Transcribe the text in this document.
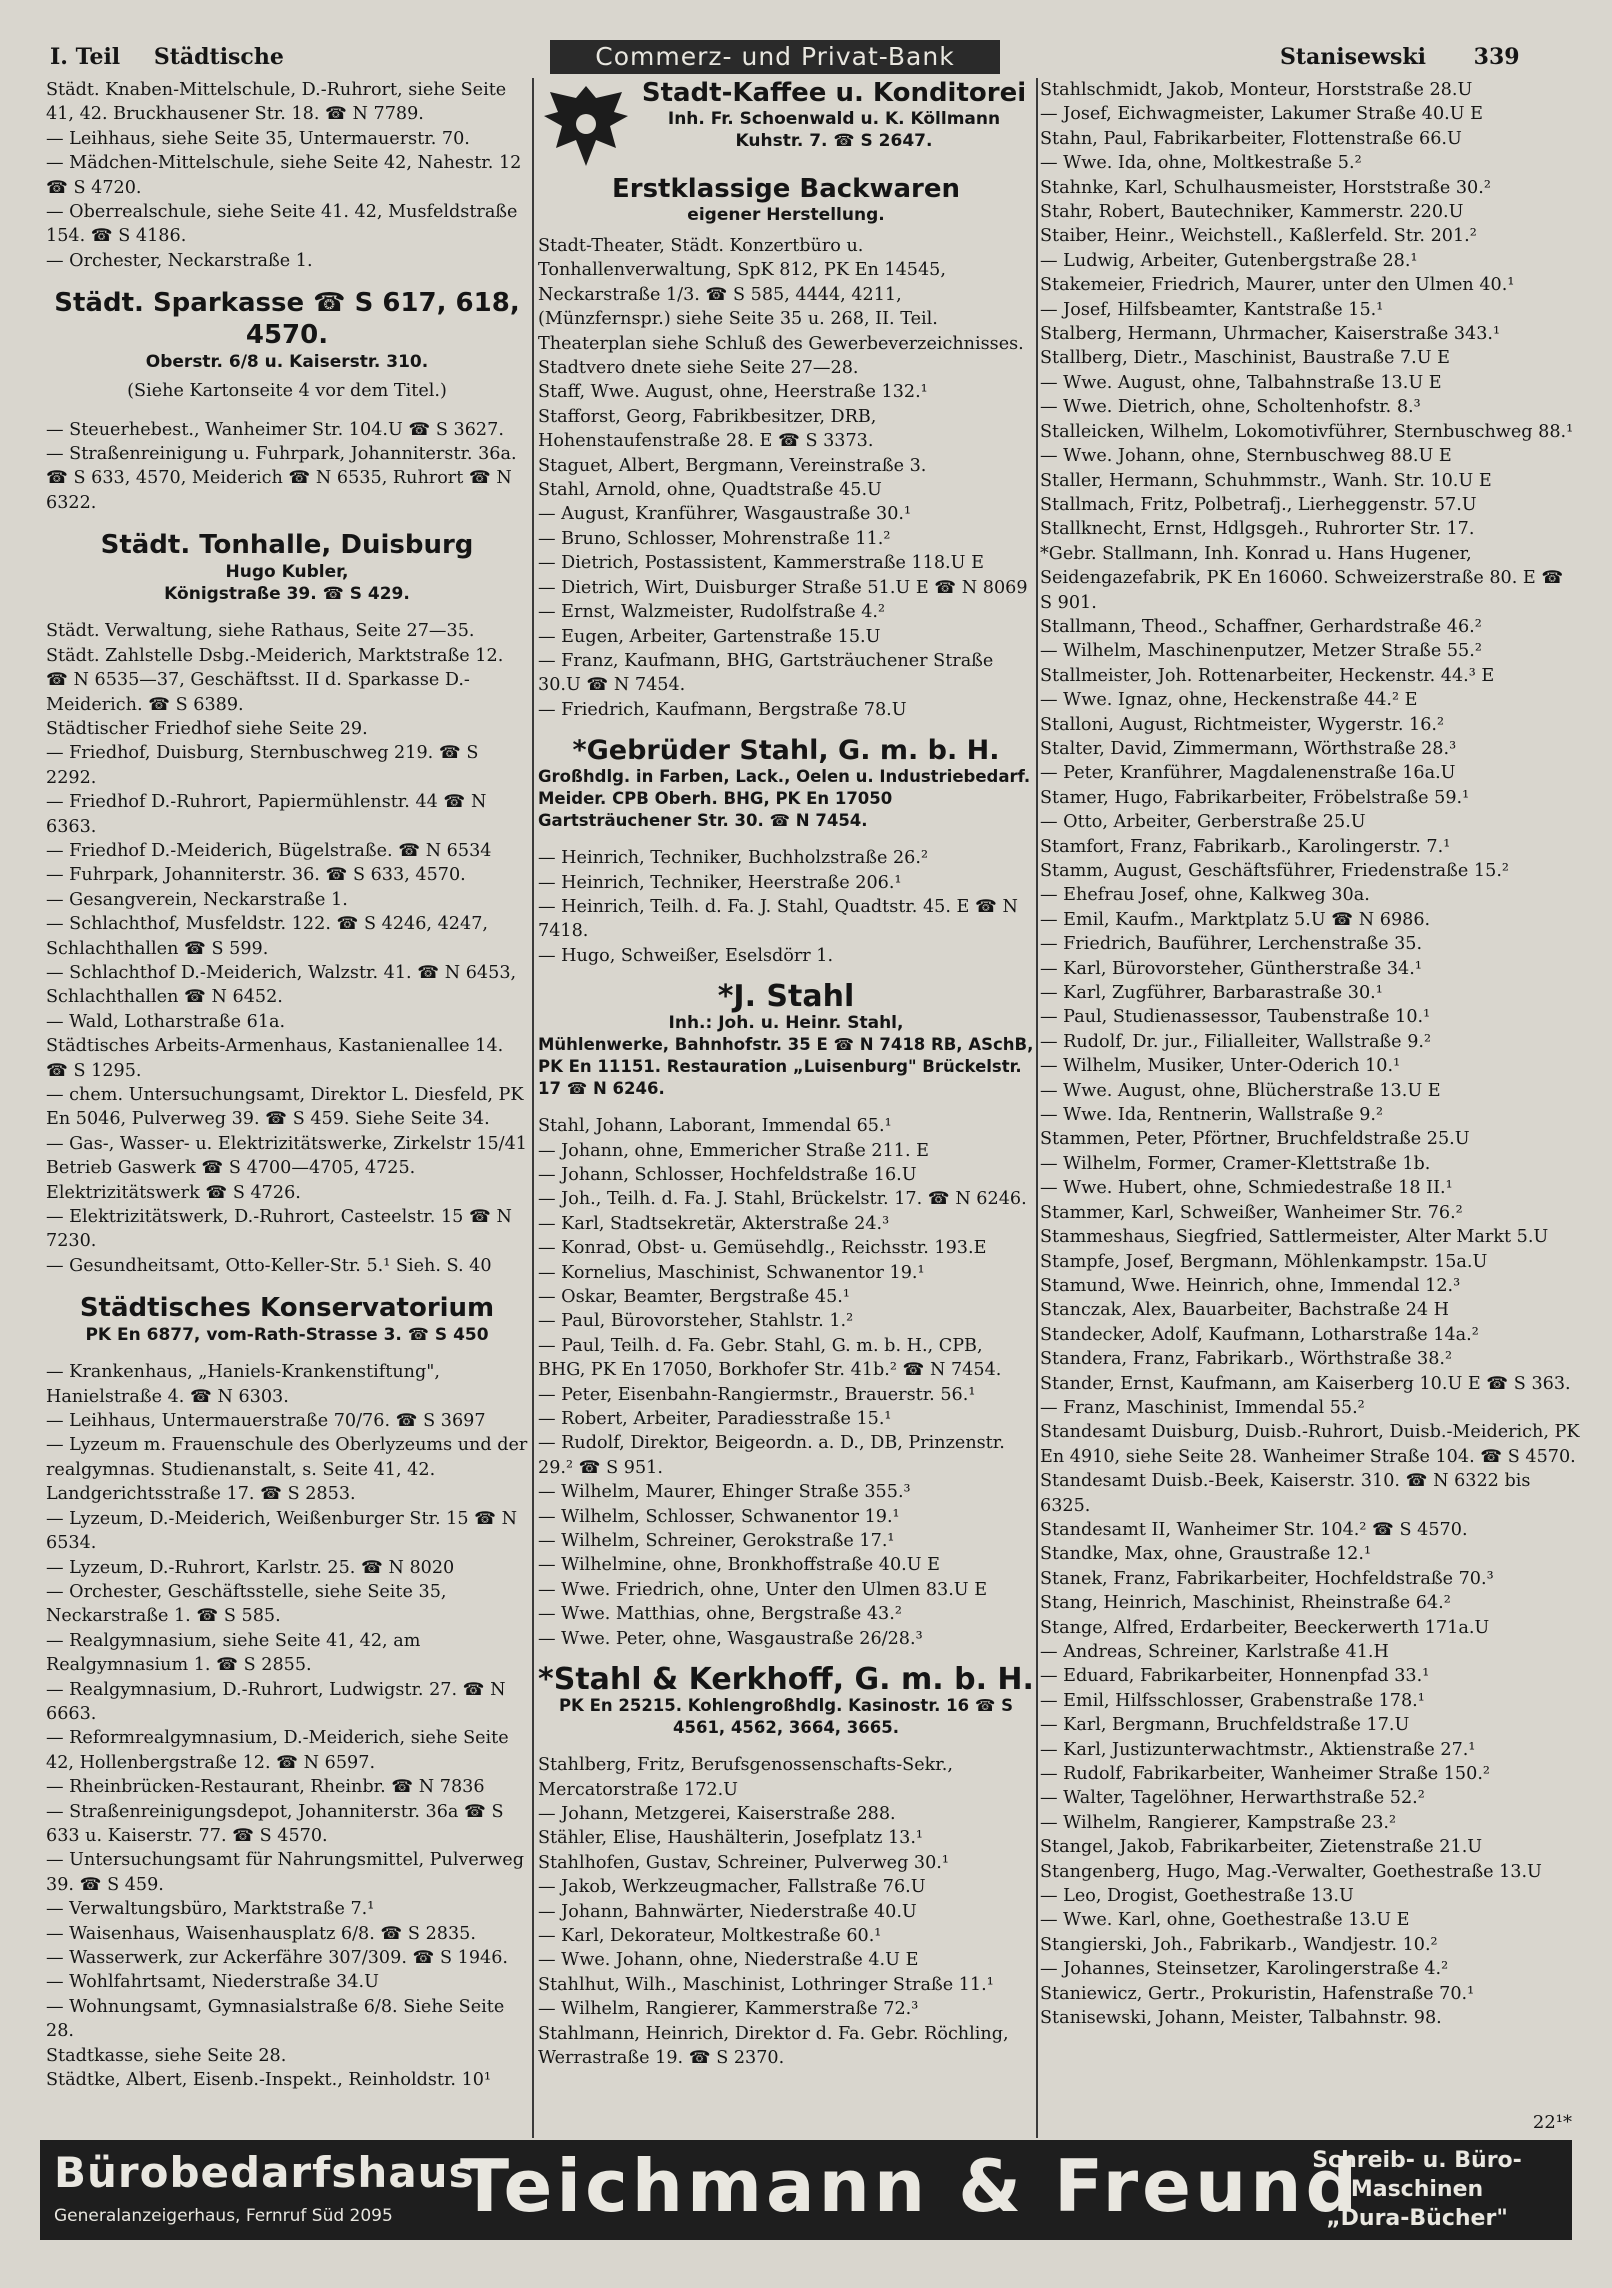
I. Teil Städtische	Commerz- und Privat-Bank	Stanisewski 339
Städt. Knaben-Mittelschule, D.-Ruhrort, siehe Seite 41, 42. Bruckhausener Str. 18. ☎ N 7789.
— Leihhaus, siehe Seite 35, Untermauerstr. 70.
— Mädchen-Mittelschule, siehe Seite 42, Nahestr. 12 ☎ S 4720.
— Oberrealschule, siehe Seite 41. 42, Musfeldstraße 154. ☎ S 4186.
— Orchester, Neckarstraße 1.
Städt. Sparkasse ☎ S 617, 618, 4570.
Oberstr. 6/8 u. Kaiserstr. 310.
(Siehe Kartonseite 4 vor dem Titel.)
— Steuerhebest., Wanheimer Str. 104.U ☎ S 3627.
— Straßenreinigung u. Fuhrpark, Johanniterstr. 36a. ☎ S 633, 4570, Meiderich ☎ N 6535, Ruhrort ☎ N 6322.
Städt. Tonhalle, Duisburg
Hugo Kubler,
Königstraße 39. ☎ S 429.
Städt. Verwaltung, siehe Rathaus, Seite 27—35.
Städt. Zahlstelle Dsbg.-Meiderich, Marktstraße 12. ☎ N 6535—37, Geschäftsst. II d. Sparkasse D.-Meiderich. ☎ S 6389.
Städtischer Friedhof siehe Seite 29.
— Friedhof, Duisburg, Sternbuschweg 219. ☎ S 2292.
— Friedhof D.-Ruhrort, Papiermühlenstr. 44 ☎ N 6363.
— Friedhof D.-Meiderich, Bügelstraße. ☎ N 6534
— Fuhrpark, Johanniterstr. 36. ☎ S 633, 4570.
— Gesangverein, Neckarstraße 1.
— Schlachthof, Musfeldstr. 122. ☎ S 4246, 4247, Schlachthallen ☎ S 599.
— Schlachthof D.-Meiderich, Walzstr. 41. ☎ N 6453, Schlachthallen ☎ N 6452.
— Wald, Lotharstraße 61a.
Städtisches Arbeits-Armenhaus, Kastanienallee 14. ☎ S 1295.
— chem. Untersuchungsamt, Direktor L. Diesfeld, PK En 5046, Pulverweg 39. ☎ S 459. Siehe Seite 34.
— Gas-, Wasser- u. Elektrizitätswerke, Zirkelstr 15/41 Betrieb Gaswerk ☎ S 4700—4705, 4725. Elektrizitätswerk ☎ S 4726.
— Elektrizitätswerk, D.-Ruhrort, Casteelstr. 15 ☎ N 7230.
— Gesundheitsamt, Otto-Keller-Str. 5.¹ Sieh. S. 40
Städtisches Konservatorium
PK En 6877, vom-Rath-Strasse 3. ☎ S 450
— Krankenhaus, „Haniels-Krankenstiftung", Hanielstraße 4. ☎ N 6303.
— Leihhaus, Untermauerstraße 70/76. ☎ S 3697
— Lyzeum m. Frauenschule des Oberlyzeums und der realgymnas. Studienanstalt, s. Seite 41, 42. Landgerichtsstraße 17. ☎ S 2853.
— Lyzeum, D.-Meiderich, Weißenburger Str. 15 ☎ N 6534.
— Lyzeum, D.-Ruhrort, Karlstr. 25. ☎ N 8020
— Orchester, Geschäftsstelle, siehe Seite 35, Neckarstraße 1. ☎ S 585.
— Realgymnasium, siehe Seite 41, 42, am Realgymnasium 1. ☎ S 2855.
— Realgymnasium, D.-Ruhrort, Ludwigstr. 27. ☎ N 6663.
— Reformrealgymnasium, D.-Meiderich, siehe Seite 42, Hollenbergstraße 12. ☎ N 6597.
— Rheinbrücken-Restaurant, Rheinbr. ☎ N 7836
— Straßenreinigungsdepot, Johanniterstr. 36a ☎ S 633 u. Kaiserstr. 77. ☎ S 4570.
— Untersuchungsamt für Nahrungsmittel, Pulverweg 39. ☎ S 459.
— Verwaltungsbüro, Marktstraße 7.¹
— Waisenhaus, Waisenhausplatz 6/8. ☎ S 2835.
— Wasserwerk, zur Ackerfähre 307/309. ☎ S 1946.
— Wohlfahrtsamt, Niederstraße 34.U
— Wohnungsamt, Gymnasialstraße 6/8. Siehe Seite 28.
Stadtkasse, siehe Seite 28.
Städtke, Albert, Eisenb.-Inspekt., Reinholdstr. 10¹
Stadt-Kaffee u. Konditorei
Inh. Fr. Schoenwald u. K. Köllmann
Kuhstr. 7. ☎ S 2647.
Erstklassige Backwaren
eigener Herstellung.
Stadt-Theater, Städt. Konzertbüro u. Tonhallenverwaltung, SpK 812, PK En 14545, Neckarstraße 1/3. ☎ S 585, 4444, 4211, (Münzfernspr.) siehe Seite 35 u. 268, II. Teil.
Theaterplan siehe Schluß des Gewerbeverzeichnisses.
Stadtvero dnete siehe Seite 27—28.
Staff, Wwe. August, ohne, Heerstraße 132.¹
Stafforst, Georg, Fabrikbesitzer, DRB, Hohenstaufenstraße 28. E ☎ S 3373.
Staguet, Albert, Bergmann, Vereinstraße 3.
Stahl, Arnold, ohne, Quadtstraße 45.U
— August, Kranführer, Wasgaustraße 30.¹
— Bruno, Schlosser, Mohrenstraße 11.²
— Dietrich, Postassistent, Kammerstraße 118.U E
— Dietrich, Wirt, Duisburger Straße 51.U E ☎ N 8069
— Ernst, Walzmeister, Rudolfstraße 4.²
— Eugen, Arbeiter, Gartenstraße 15.U
— Franz, Kaufmann, BHG, Gartsträuchener Straße 30.U ☎ N 7454.
— Friedrich, Kaufmann, Bergstraße 78.U
*Gebrüder Stahl, G. m. b. H.
Großhdlg. in Farben, Lack., Oelen u. Industriebedarf. Meider. CPB Oberh. BHG, PK En 17050 Gartsträuchener Str. 30. ☎ N 7454.
— Heinrich, Techniker, Buchholzstraße 26.²
— Heinrich, Techniker, Heerstraße 206.¹
— Heinrich, Teilh. d. Fa. J. Stahl, Quadtstr. 45. E ☎ N 7418.
— Hugo, Schweißer, Eselsdörr 1.
*J. Stahl
Inh.: Joh. u. Heinr. Stahl,
Mühlenwerke, Bahnhofstr. 35 E ☎ N 7418 RB, ASchB, PK En 11151. Restauration „Luisenburg" Brückelstr. 17 ☎ N 6246.
Stahl, Johann, Laborant, Immendal 65.¹
— Johann, ohne, Emmericher Straße 211. E
— Johann, Schlosser, Hochfeldstraße 16.U
— Joh., Teilh. d. Fa. J. Stahl, Brückelstr. 17. ☎ N 6246.
— Karl, Stadtsekretär, Akterstraße 24.³
— Konrad, Obst- u. Gemüsehdlg., Reichsstr. 193.E
— Kornelius, Maschinist, Schwanentor 19.¹
— Oskar, Beamter, Bergstraße 45.¹
— Paul, Bürovorsteher, Stahlstr. 1.²
— Paul, Teilh. d. Fa. Gebr. Stahl, G. m. b. H., CPB, BHG, PK En 17050, Borkhofer Str. 41b.² ☎ N 7454.
— Peter, Eisenbahn-Rangiermstr., Brauerstr. 56.¹
— Robert, Arbeiter, Paradiesstraße 15.¹
— Rudolf, Direktor, Beigeordn. a. D., DB, Prinzenstr. 29.² ☎ S 951.
— Wilhelm, Maurer, Ehinger Straße 355.³
— Wilhelm, Schlosser, Schwanentor 19.¹
— Wilhelm, Schreiner, Gerokstraße 17.¹
— Wilhelmine, ohne, Bronkhoffstraße 40.U E
— Wwe. Friedrich, ohne, Unter den Ulmen 83.U E
— Wwe. Matthias, ohne, Bergstraße 43.²
— Wwe. Peter, ohne, Wasgaustraße 26/28.³
*Stahl & Kerkhoff, G. m. b. H.
PK En 25215. Kohlengroßhdlg. Kasinostr. 16 ☎ S 4561, 4562, 3664, 3665.
Stahlberg, Fritz, Berufsgenossenschafts-Sekr., Mercatorstraße 172.U
— Johann, Metzgerei, Kaiserstraße 288.
Stähler, Elise, Haushälterin, Josefplatz 13.¹
Stahlhofen, Gustav, Schreiner, Pulverweg 30.¹
— Jakob, Werkzeugmacher, Fallstraße 76.U
— Johann, Bahnwärter, Niederstraße 40.U
— Karl, Dekorateur, Moltkestraße 60.¹
— Wwe. Johann, ohne, Niederstraße 4.U E
Stahlhut, Wilh., Maschinist, Lothringer Straße 11.¹
— Wilhelm, Rangierer, Kammerstraße 72.³
Stahlmann, Heinrich, Direktor d. Fa. Gebr. Röchling, Werrastraße 19. ☎ S 2370.
Stahlschmidt, Jakob, Monteur, Horststraße 28.U
— Josef, Eichwagmeister, Lakumer Straße 40.U E
Stahn, Paul, Fabrikarbeiter, Flottenstraße 66.U
— Wwe. Ida, ohne, Moltkestraße 5.²
Stahnke, Karl, Schulhausmeister, Horststraße 30.²
Stahr, Robert, Bautechniker, Kammerstr. 220.U
Staiber, Heinr., Weichstell., Kaßlerfeld. Str. 201.²
— Ludwig, Arbeiter, Gutenbergstraße 28.¹
Stakemeier, Friedrich, Maurer, unter den Ulmen 40.¹
— Josef, Hilfsbeamter, Kantstraße 15.¹
Stalberg, Hermann, Uhrmacher, Kaiserstraße 343.¹
Stallberg, Dietr., Maschinist, Baustraße 7.U E
— Wwe. August, ohne, Talbahnstraße 13.U E
— Wwe. Dietrich, ohne, Scholtenhofstr. 8.³
Stalleicken, Wilhelm, Lokomotivführer, Sternbuschweg 88.¹
— Wwe. Johann, ohne, Sternbuschweg 88.U E
Staller, Hermann, Schuhmmstr., Wanh. Str. 10.U E
Stallmach, Fritz, Polbetrafj., Lierheggenstr. 57.U
Stallknecht, Ernst, Hdlgsgeh., Ruhrorter Str. 17.
*Gebr. Stallmann, Inh. Konrad u. Hans Hugener, Seidengazefabrik, PK En 16060. Schweizerstraße 80. E ☎ S 901.
Stallmann, Theod., Schaffner, Gerhardstraße 46.²
— Wilhelm, Maschinenputzer, Metzer Straße 55.²
Stallmeister, Joh. Rottenarbeiter, Heckenstr. 44.³ E
— Wwe. Ignaz, ohne, Heckenstraße 44.² E
Stalloni, August, Richtmeister, Wygerstr. 16.²
Stalter, David, Zimmermann, Wörthstraße 28.³
— Peter, Kranführer, Magdalenenstraße 16a.U
Stamer, Hugo, Fabrikarbeiter, Fröbelstraße 59.¹
— Otto, Arbeiter, Gerberstraße 25.U
Stamfort, Franz, Fabrikarb., Karolingerstr. 7.¹
Stamm, August, Geschäftsführer, Friedenstraße 15.²
— Ehefrau Josef, ohne, Kalkweg 30a.
— Emil, Kaufm., Marktplatz 5.U ☎ N 6986.
— Friedrich, Bauführer, Lerchenstraße 35.
— Karl, Bürovorsteher, Güntherstraße 34.¹
— Karl, Zugführer, Barbarastraße 30.¹
— Paul, Studienassessor, Taubenstraße 10.¹
— Rudolf, Dr. jur., Filialleiter, Wallstraße 9.²
— Wilhelm, Musiker, Unter-Oderich 10.¹
— Wwe. August, ohne, Blücherstraße 13.U E
— Wwe. Ida, Rentnerin, Wallstraße 9.²
Stammen, Peter, Pförtner, Bruchfeldstraße 25.U
— Wilhelm, Former, Cramer-Klettstraße 1b.
— Wwe. Hubert, ohne, Schmiedestraße 18 II.¹
Stammer, Karl, Schweißer, Wanheimer Str. 76.²
Stammeshaus, Siegfried, Sattlermeister, Alter Markt 5.U
Stampfe, Josef, Bergmann, Möhlenkampstr. 15a.U
Stamund, Wwe. Heinrich, ohne, Immendal 12.³
Stanczak, Alex, Bauarbeiter, Bachstraße 24 H
Standecker, Adolf, Kaufmann, Lotharstraße 14a.²
Standera, Franz, Fabrikarb., Wörthstraße 38.²
Stander, Ernst, Kaufmann, am Kaiserberg 10.U E ☎ S 363.
— Franz, Maschinist, Immendal 55.²
Standesamt Duisburg, Duisb.-Ruhrort, Duisb.-Meiderich, PK En 4910, siehe Seite 28. Wanheimer Straße 104. ☎ S 4570.
Standesamt Duisb.-Beek, Kaiserstr. 310. ☎ N 6322 bis 6325.
Standesamt II, Wanheimer Str. 104.² ☎ S 4570.
Standke, Max, ohne, Graustraße 12.¹
Stanek, Franz, Fabrikarbeiter, Hochfeldstraße 70.³
Stang, Heinrich, Maschinist, Rheinstraße 64.²
Stange, Alfred, Erdarbeiter, Beeckerwerth 171a.U
— Andreas, Schreiner, Karlstraße 41.H
— Eduard, Fabrikarbeiter, Honnenpfad 33.¹
— Emil, Hilfsschlosser, Grabenstraße 178.¹
— Karl, Bergmann, Bruchfeldstraße 17.U
— Karl, Justizunterwachtmstr., Aktienstraße 27.¹
— Rudolf, Fabrikarbeiter, Wanheimer Straße 150.²
— Walter, Tagelöhner, Herwarthstraße 52.²
— Wilhelm, Rangierer, Kampstraße 23.²
Stangel, Jakob, Fabrikarbeiter, Zietenstraße 21.U
Stangenberg, Hugo, Mag.-Verwalter, Goethestraße 13.U
— Leo, Drogist, Goethestraße 13.U
— Wwe. Karl, ohne, Goethestraße 13.U E
Stangierski, Joh., Fabrikarb., Wandjestr. 10.²
— Johannes, Steinsetzer, Karolingerstraße 4.²
Staniewicz, Gertr., Prokuristin, Hafenstraße 70.¹
Stanisewski, Johann, Meister, Talbahnstr. 98.
22¹*
Bürobedarfshaus
Generalanzeigerhaus, Fernruf Süd 2095 Teichmann & Freund
Schreib- u. Büro-
Maschinen
„Dura-Bücher"
